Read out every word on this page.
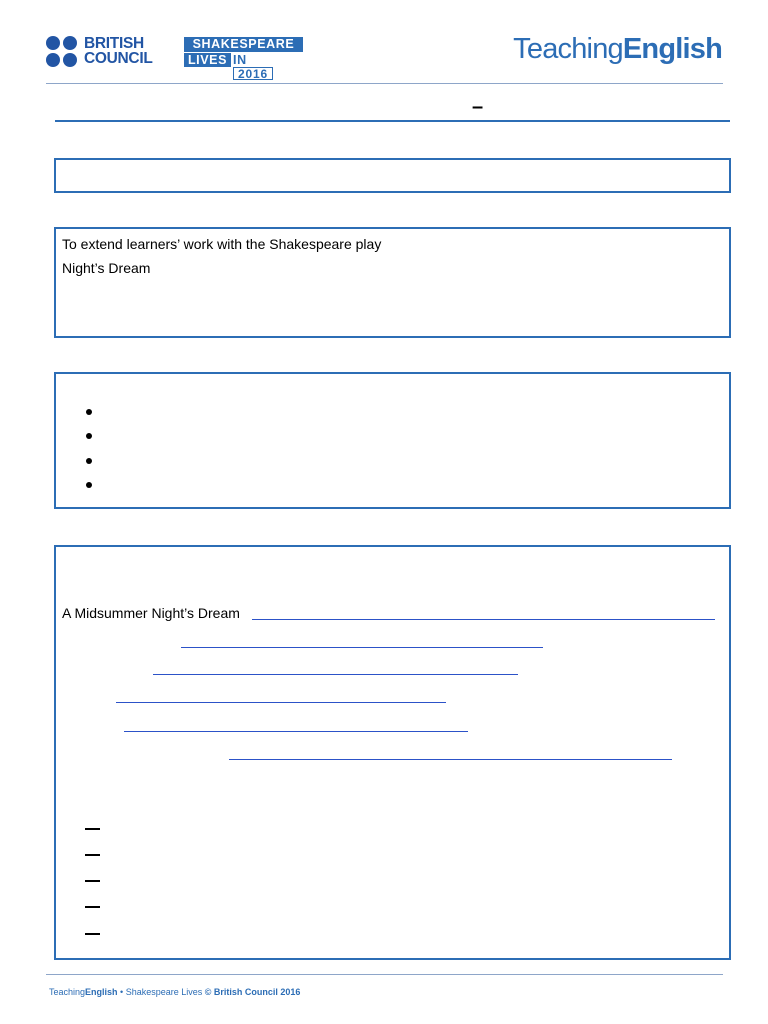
BRITISH
COUNCIL
SHAKESPEARE
LIVES IN
2016
TeachingEnglish
–
To extend learners’ work with the Shakespeare play
Night’s Dream
A Midsummer Night’s Dream
TeachingEnglish • Shakespeare Lives © British Council 2016
